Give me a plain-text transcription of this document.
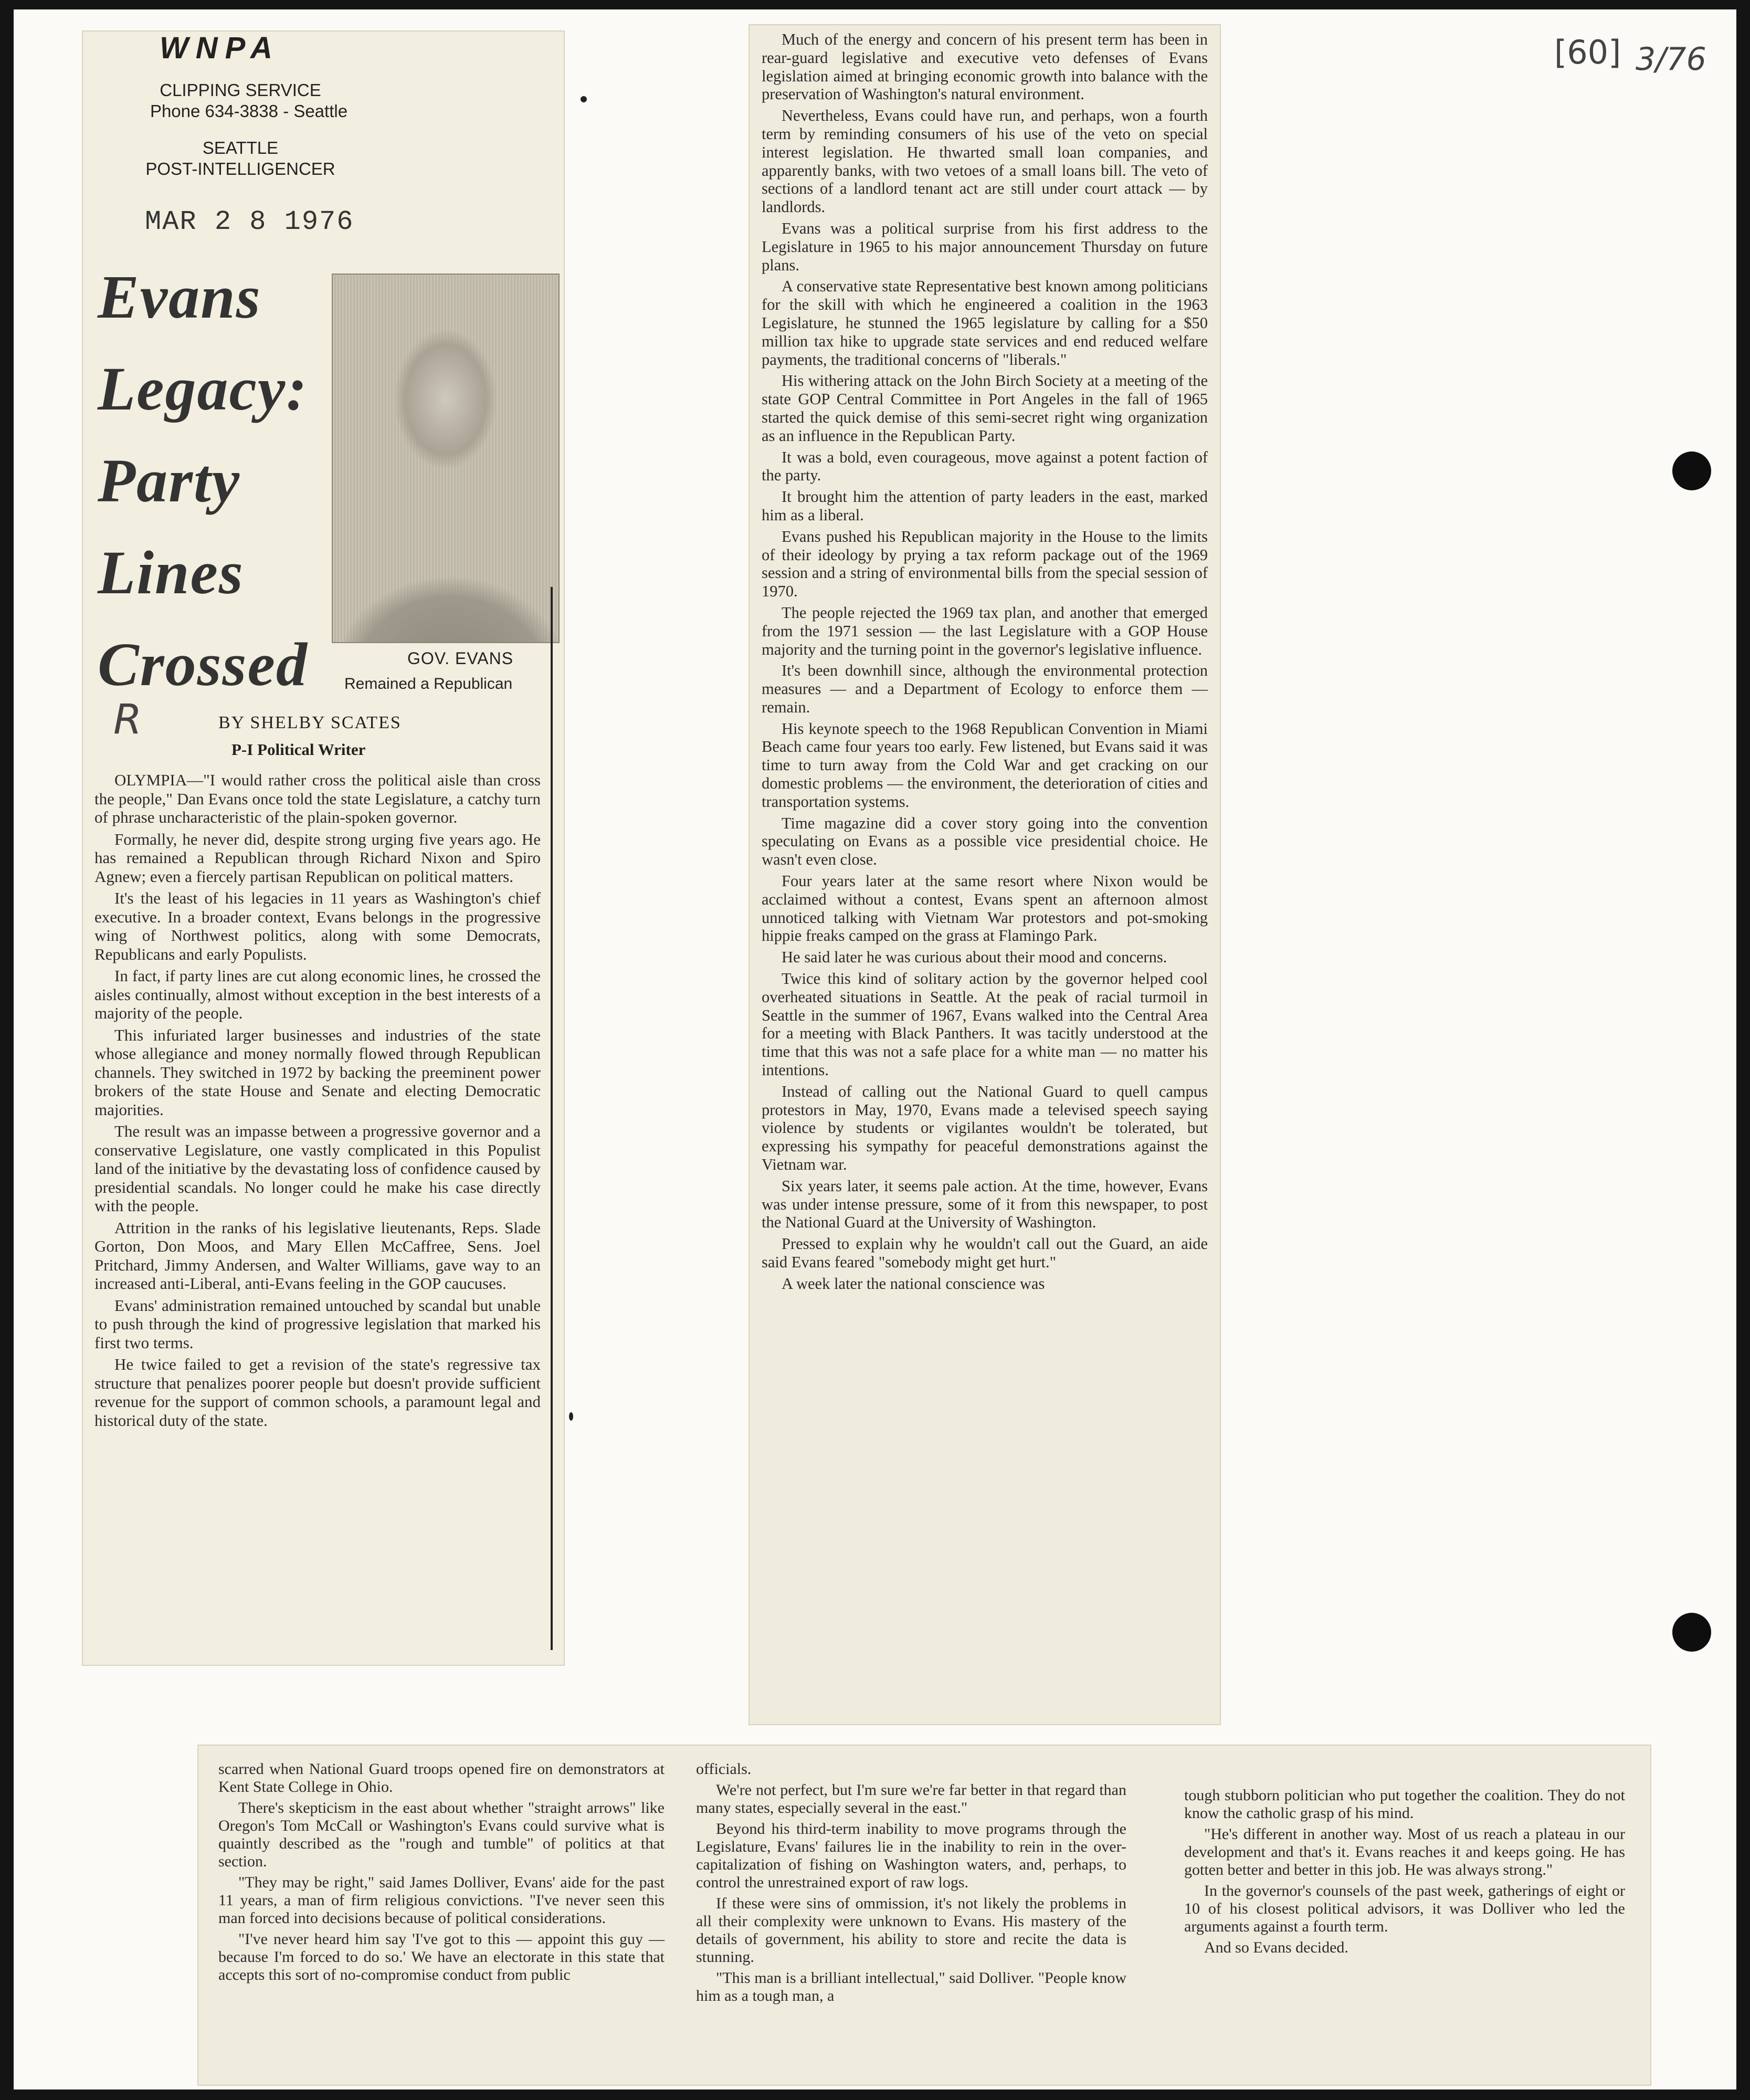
WNPA
CLIPPING SERVICE
Phone 634-3838 - Seattle
SEATTLE
POST-INTELLIGENCER
MAR 2 8 1976
Evans
Legacy:
Party
Lines
Crossed	GOV. EVANS
Remained a Republican
R	BY SHELBY SCATES
P-I Political Writer

OLYMPIA—"I would rather cross the political aisle than cross the people," Dan Evans once told the state Legislature, a catchy turn of phrase uncharacteristic of the plain-spoken governor.

Formally, he never did, despite strong urging five years ago. He has remained a Republican through Richard Nixon and Spiro Agnew; even a fiercely partisan Republican on political matters.

It's the least of his legacies in 11 years as Washington's chief executive. In a broader context, Evans belongs in the progressive wing of Northwest politics, along with some Democrats, Republicans and early Populists.

In fact, if party lines are cut along economic lines, he crossed the aisles continually, almost without exception in the best interests of a majority of the people.

This infuriated larger businesses and industries of the state whose allegiance and money normally flowed through Republican channels. They switched in 1972 by backing the preeminent power brokers of the state House and Senate and electing Democratic majorities.

The result was an impasse between a progressive governor and a conservative Legislature, one vastly complicated in this Populist land of the initiative by the devastating loss of confidence caused by presidential scandals. No longer could he make his case directly with the people.

Attrition in the ranks of his legislative lieutenants, Reps. Slade Gorton, Don Moos, and Mary Ellen McCaffree, Sens. Joel Pritchard, Jimmy Andersen, and Walter Williams, gave way to an increased anti-Liberal, anti-Evans feeling in the GOP caucuses.

Evans' administration remained untouched by scandal but unable to push through the kind of progressive legislation that marked his first two terms.

He twice failed to get a revision of the state's regressive tax structure that penalizes poorer people but doesn't provide sufficient revenue for the support of common schools, a paramount legal and historical duty of the state.

Much of the energy and concern of his present term has been in rear-guard legislative and executive veto defenses of Evans legislation aimed at bringing economic growth into balance with the preservation of Washington's natural environment.

Nevertheless, Evans could have run, and perhaps, won a fourth term by reminding consumers of his use of the veto on special interest legislation. He thwarted small loan companies, and apparently banks, with two vetoes of a small loans bill. The veto of sections of a landlord tenant act are still under court attack — by landlords.

Evans was a political surprise from his first address to the Legislature in 1965 to his major announcement Thursday on future plans.

A conservative state Representative best known among politicians for the skill with which he engineered a coalition in the 1963 Legislature, he stunned the 1965 legislature by calling for a $50 million tax hike to upgrade state services and end reduced welfare payments, the traditional concerns of "liberals."

His withering attack on the John Birch Society at a meeting of the state GOP Central Committee in Port Angeles in the fall of 1965 started the quick demise of this semi-secret right wing organization as an influence in the Republican Party.

It was a bold, even courageous, move against a potent faction of the party.

It brought him the attention of party leaders in the east, marked him as a liberal.

Evans pushed his Republican majority in the House to the limits of their ideology by prying a tax reform package out of the 1969 session and a string of environmental bills from the special session of 1970.

The people rejected the 1969 tax plan, and another that emerged from the 1971 session — the last Legislature with a GOP House majority and the turning point in the governor's legislative influence.

It's been downhill since, although the environmental protection measures — and a Department of Ecology to enforce them — remain.

His keynote speech to the 1968 Republican Convention in Miami Beach came four years too early. Few listened, but Evans said it was time to turn away from the Cold War and get cracking on our domestic problems — the environment, the deterioration of cities and transportation systems.

Time magazine did a cover story going into the convention speculating on Evans as a possible vice presidential choice. He wasn't even close.

Four years later at the same resort where Nixon would be acclaimed without a contest, Evans spent an afternoon almost unnoticed talking with Vietnam War protestors and pot-smoking hippie freaks camped on the grass at Flamingo Park.

He said later he was curious about their mood and concerns.

Twice this kind of solitary action by the governor helped cool overheated situations in Seattle. At the peak of racial turmoil in Seattle in the summer of 1967, Evans walked into the Central Area for a meeting with Black Panthers. It was tacitly understood at the time that this was not a safe place for a white man — no matter his intentions.

Instead of calling out the National Guard to quell campus protestors in May, 1970, Evans made a televised speech saying violence by students or vigilantes wouldn't be tolerated, but expressing his sympathy for peaceful demonstrations against the Vietnam war.

Six years later, it seems pale action. At the time, however, Evans was under intense pressure, some of it from this newspaper, to post the National Guard at the University of Washington.

Pressed to explain why he wouldn't call out the Guard, an aide said Evans feared "somebody might get hurt."

A week later the national conscience was

scarred when National Guard troops opened fire on demonstrators at Kent State College in Ohio.

There's skepticism in the east about whether "straight arrows" like Oregon's Tom McCall or Washington's Evans could survive what is quaintly described as the "rough and tumble" of politics at that section.

"They may be right," said James Dolliver, Evans' aide for the past 11 years, a man of firm religious convictions. "I've never seen this man forced into decisions because of political considerations.

"I've never heard him say 'I've got to this — appoint this guy — because I'm forced to do so.' We have an electorate in this state that accepts this sort of no-compromise conduct from public

officials.

We're not perfect, but I'm sure we're far better in that regard than many states, especially several in the east."

Beyond his third-term inability to move programs through the Legislature, Evans' failures lie in the inability to rein in the over-capitalization of fishing on Washington waters, and, perhaps, to control the unrestrained export of raw logs.

If these were sins of ommission, it's not likely the problems in all their complexity were unknown to Evans. His mastery of the details of government, his ability to store and recite the data is stunning.

"This man is a brilliant intellectual," said Dolliver. "People know him as a tough man, a

tough stubborn politician who put together the coalition. They do not know the catholic grasp of his mind.

"He's different in another way. Most of us reach a plateau in our development and that's it. Evans reaches it and keeps going. He has gotten better and better in this job. He was always strong."

In the governor's counsels of the past week, gatherings of eight or 10 of his closest political advisors, it was Dolliver who led the arguments against a fourth term.

And so Evans decided.

[60] 3/76
